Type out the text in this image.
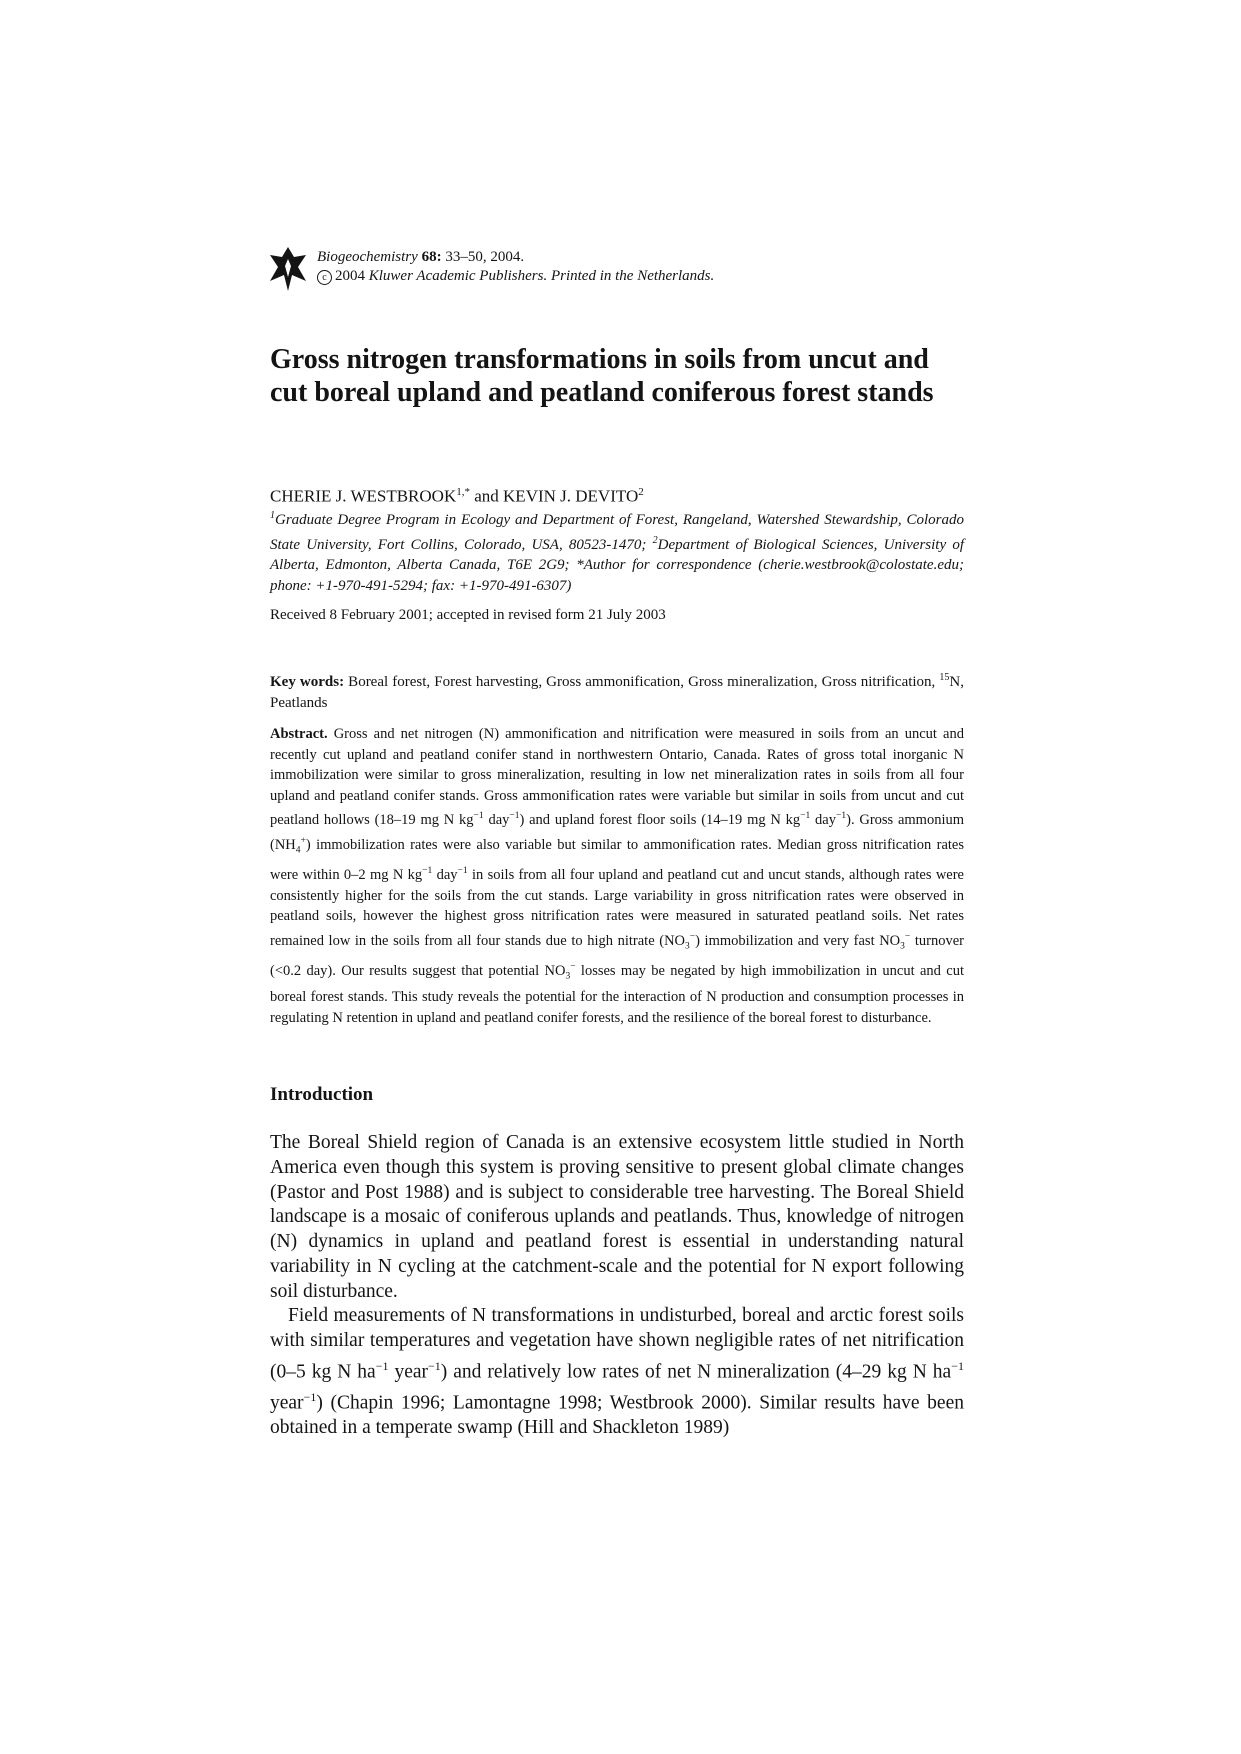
Biogeochemistry 68: 33–50, 2004.
c 2004 Kluwer Academic Publishers. Printed in the Netherlands.
Gross nitrogen transformations in soils from uncut and cut boreal upland and peatland coniferous forest stands
CHERIE J. $WESTBROOK^{1,*}$ and KEVIN J. DEVITO$^2$

$^1$Graduate Degree Program in Ecology and Department of Forest, Rangeland, Watershed Stewardship, Colorado State University, Fort Collins, Colorado, USA, 80523-1470; $^2$Department of Biological Sciences, University of Alberta, Edmonton, Alberta Canada, T6E 2G9; *Author for correspondence (cherie.westbrook@colostate.edu; phone: +1-970-491-5294; fax: +1-970-491-6307)

Received 8 February 2001; accepted in revised form 21 July 2003

Key words: Boreal forest, Forest harvesting, Gross ammonification, Gross mineralization, Gross nitrification, $^{15}$N, Peatlands

Abstract. Gross and net nitrogen (N) ammonification and nitrification were measured in soils from an uncut and recently cut upland and peatland conifer stand in northwestern Ontario, Canada. Rates of gross total inorganic N immobilization were similar to gross mineralization, resulting in low net mineralization rates in soils from all four upland and peatland conifer stands. Gross ammonification rates were variable but similar in soils from uncut and cut peatland hollows (18–19 mg N $kg^{-1}$ day$^{-1}$) and upland forest floor soils (14–19 mg N $kg^{-1}$ day$^{-1}$). Gross ammonium $(NH_4^+)$ immobilization rates were also variable but similar to ammonification rates. Median gross nitrification rates were within 0–2 mg N $kg^{-1}$ day$^{-1}$ in soils from all four upland and peatland cut and uncut stands, although rates were consistently higher for the soils from the cut stands. Large variability in gross nitrification rates were observed in peatland soils, however the highest gross nitrification rates were measured in saturated peatland soils. Net rates remained low in the soils from all four stands due to high nitrate $(NO_3^-)$ immobilization and very fast $NO_3^-$ turnover (<0.2 day). Our results suggest that potential $NO_3^-$ losses may be negated by high immobilization in uncut and cut boreal forest stands. This study reveals the potential for the interaction of N production and consumption processes in regulating N retention in upland and peatland conifer forests, and the resilience of the boreal forest to disturbance.

Introduction

The Boreal Shield region of Canada is an extensive ecosystem little studied in North America even though this system is proving sensitive to present global climate changes (Pastor and Post 1988) and is subject to considerable tree harvesting. The Boreal Shield landscape is a mosaic of coniferous uplands and peatlands. Thus, knowledge of nitrogen (N) dynamics in upland and peatland forest is essential in understanding natural variability in N cycling at the catchment-scale and the potential for N export following soil disturbance.

Field measurements of N transformations in undisturbed, boreal and arctic forest soils with similar temperatures and vegetation have shown negligible rates of net nitrification (0–5 kg N $ha^{-1}$ year$^{-1}$) and relatively low rates of net N mineralization (4–29 kg N $ha^{-1}$ year$^{-1}$) (Chapin 1996; Lamontagne 1998; Westbrook 2000). Similar results have been obtained in a temperate swamp (Hill and Shackleton 1989)
